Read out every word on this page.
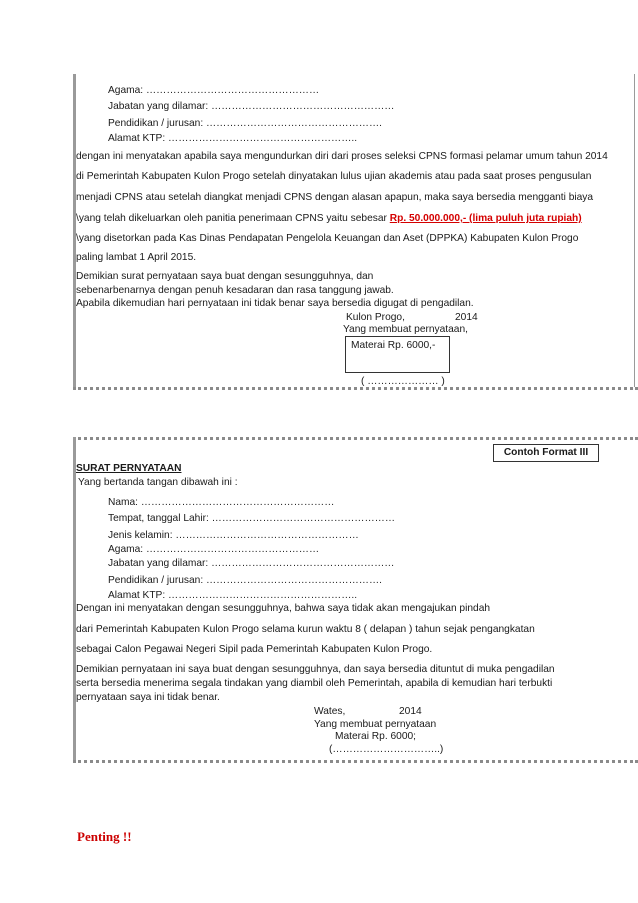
Agama: ……………………………………………
Jabatan yang dilamar: ………………………………………………
Pendidikan / jurusan: …………………………………………….
Alamat KTP: ………………………………………………..
dengan ini menyatakan apabila saya mengundurkan diri dari proses seleksi CPNS formasi pelamar umum tahun 2014
di Pemerintah Kabupaten Kulon Progo setelah dinyatakan lulus ujian akademis atau pada saat proses pengusulan
menjadi CPNS atau setelah diangkat menjadi CPNS dengan alasan apapun, maka saya bersedia mengganti biaya
\yang telah dikeluarkan oleh panitia penerimaan CPNS yaitu sebesar Rp. 50.000.000,- (lima puluh juta rupiah)
\yang disetorkan pada Kas Dinas Pendapatan Pengelola Keuangan dan Aset (DPPKA) Kabupaten Kulon Progo
paling lambat 1 April 2015.
Demikian surat pernyataan saya buat dengan sesungguhnya, dan
sebenarbenarnya dengan penuh kesadaran dan rasa tanggung jawab.
Apabila dikemudian hari pernyataan ini tidak benar saya bersedia digugat di pengadilan.
Kulon Progo,	2014
Yang membuat pernyataan,
Materai Rp. 6000,-
( ………………… )
Contoh Format III
SURAT PERNYATAAN
Yang bertanda tangan dibawah ini :
Nama: …………………………………………………
Tempat, tanggal Lahir: ………………………………………………
Jenis kelamin: ………………………………………………
Agama: ……………………………………………
Jabatan yang dilamar: ………………………………………………
Pendidikan / jurusan: …………………………………………….
Alamat KTP: ………………………………………………..
Dengan ini menyatakan dengan sesungguhnya, bahwa saya tidak akan mengajukan pindah
dari Pemerintah Kabupaten Kulon Progo selama kurun waktu 8 ( delapan ) tahun sejak pengangkatan
sebagai Calon Pegawai Negeri Sipil pada Pemerintah Kabupaten Kulon Progo.
Demikian pernyataan ini saya buat dengan sesungguhnya, dan saya bersedia dituntut di muka pengadilan
serta bersedia menerima segala tindakan yang diambil oleh Pemerintah, apabila di kemudian hari terbukti
pernyataan saya ini tidak benar.
Wates,	2014
Yang membuat pernyataan
Materai Rp. 6000;
(…………………………..)
Penting !!
